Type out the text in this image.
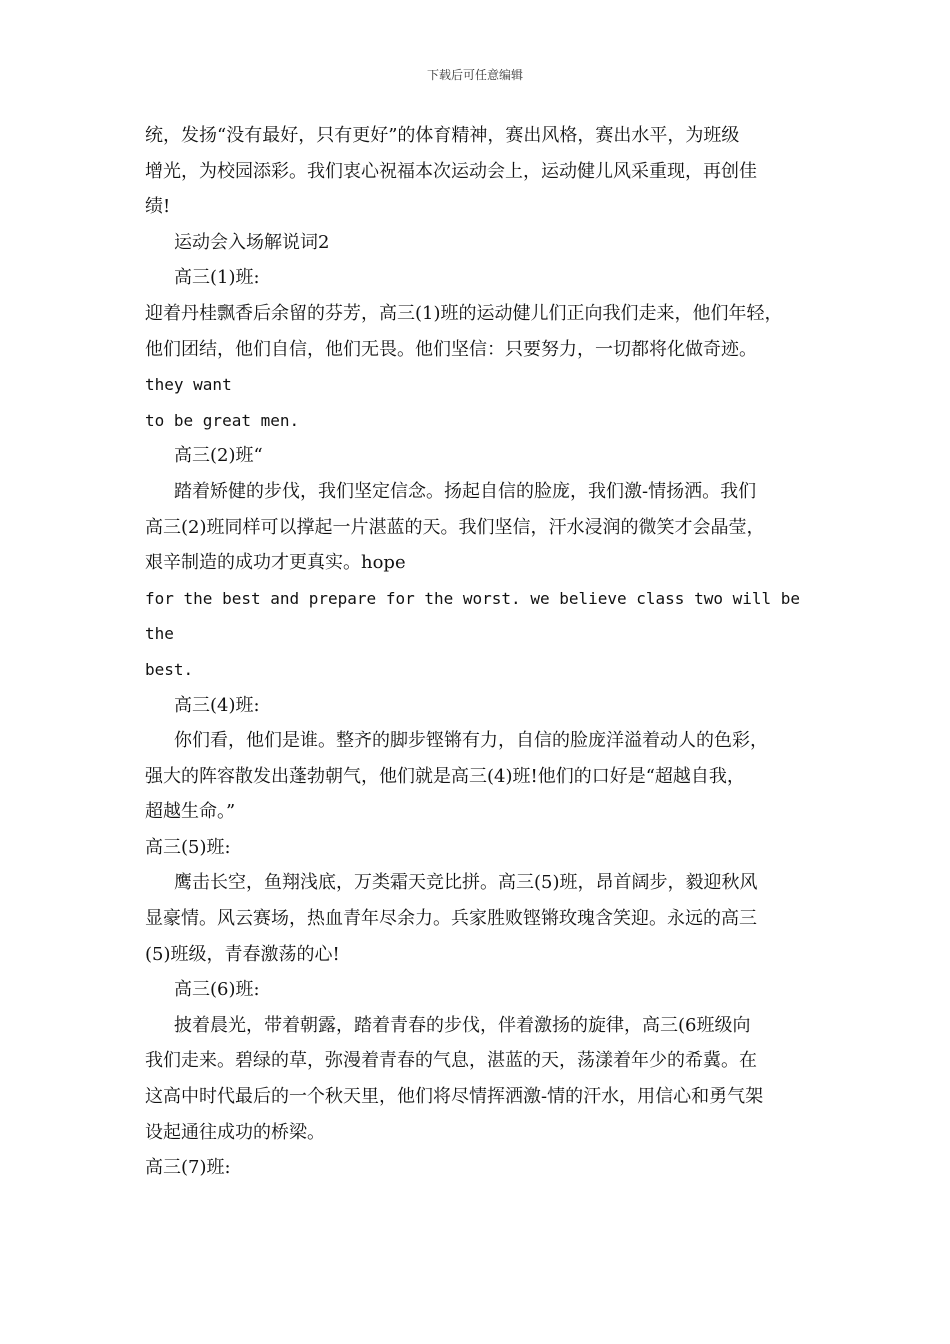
下载后可任意编辑
统，发扬“没有最好，只有更好”的体育精神，赛出风格，赛出水平，为班级
增光，为校园添彩。我们衷心祝福本次运动会上，运动健儿风采重现，再创佳
绩!
运动会入场解说词2
高三(1)班:
迎着丹桂飘香后余留的芬芳，高三(1)班的运动健儿们正向我们走来，他们年轻，
他们团结，他们自信，他们无畏。他们坚信：只要努力，一切都将化做奇迹。
they want
to be great men.
高三(2)班“
踏着矫健的步伐，我们坚定信念。扬起自信的脸庞，我们激-情扬洒。我们
高三(2)班同样可以撑起一片湛蓝的天。我们坚信，汗水浸润的微笑才会晶莹，
艰辛制造的成功才更真实。hope
for the best and prepare for the worst. we believe class two will be
the
best.
高三(4)班:
你们看，他们是谁。整齐的脚步铿锵有力，自信的脸庞洋溢着动人的色彩，
强大的阵容散发出蓬勃朝气，他们就是高三(4)班!他们的口好是“超越自我，
超越生命。”
高三(5)班:
鹰击长空，鱼翔浅底，万类霜天竞比拼。高三(5)班，昂首阔步，毅迎秋风
显豪情。风云赛场，热血青年尽余力。兵家胜败铿锵玫瑰含笑迎。永远的高三
(5)班级，青春激荡的心!
高三(6)班:
披着晨光，带着朝露，踏着青春的步伐，伴着激扬的旋律，高三(6班级向
我们走来。碧绿的草，弥漫着青春的气息，湛蓝的天，荡漾着年少的希冀。在
这高中时代最后的一个秋天里，他们将尽情挥洒激-情的汗水，用信心和勇气架
设起通往成功的桥梁。
高三(7)班:
